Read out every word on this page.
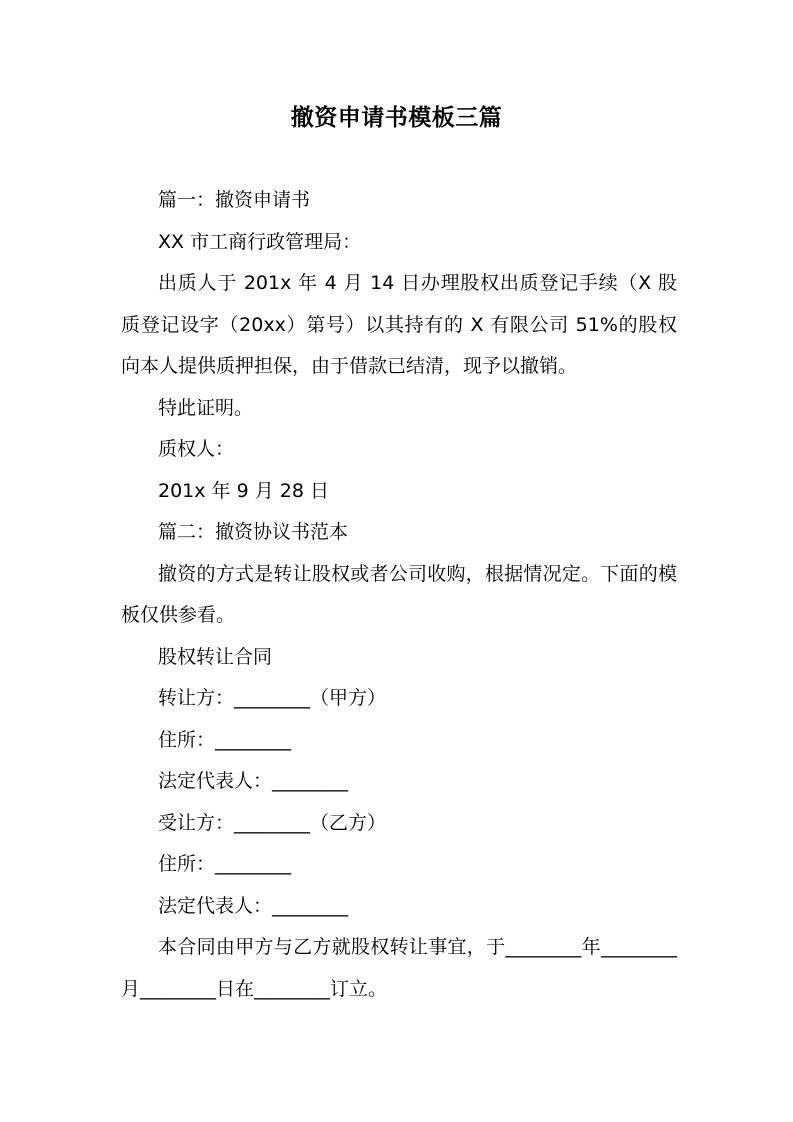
撤资申请书模板三篇

篇一：撤资申请书

XX 市工商行政管理局：

出质人于 201x 年 4 月 14 日办理股权出质登记手续（X 股质登记设字（20xx）第号）以其持有的 X 有限公司 51%的股权向本人提供质押担保，由于借款已结清，现予以撤销。

特此证明。

质权人：

201x 年 9 月 28 日

篇二：撤资协议书范本

撤资的方式是转让股权或者公司收购，根据情况定。下面的模板仅供参看。

股权转让合同

转让方：________（甲方）

住所：________

法定代表人：________

受让方：________（乙方）

住所：________

法定代表人：________

本合同由甲方与乙方就股权转让事宜，于________年________月________日在________订立。
